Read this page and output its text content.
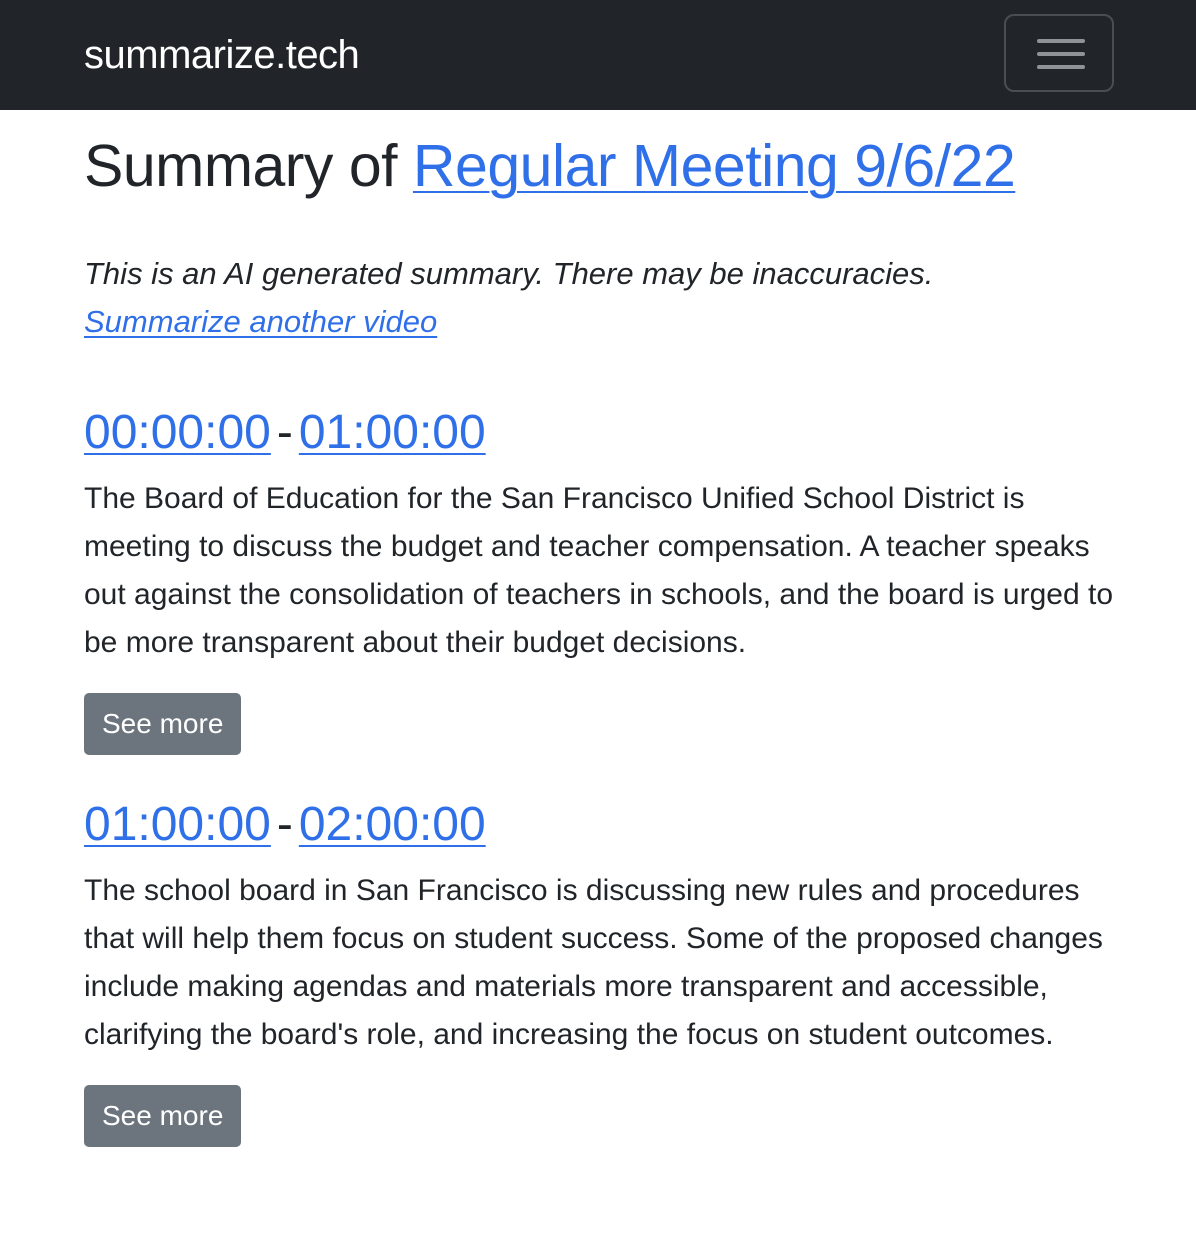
summarize.tech
Summary of Regular Meeting 9/6/22

This is an AI generated summary. There may be inaccuracies.
Summarize another video

00:00:00 - 01:00:00

The Board of Education for the San Francisco Unified School District is meeting to discuss the budget and teacher compensation. A teacher speaks out against the consolidation of teachers in schools, and the board is urged to be more transparent about their budget decisions.

See more
01:00:00 - 02:00:00

The school board in San Francisco is discussing new rules and procedures that will help them focus on student success. Some of the proposed changes include making agendas and materials more transparent and accessible, clarifying the board's role, and increasing the focus on student outcomes.

See more
